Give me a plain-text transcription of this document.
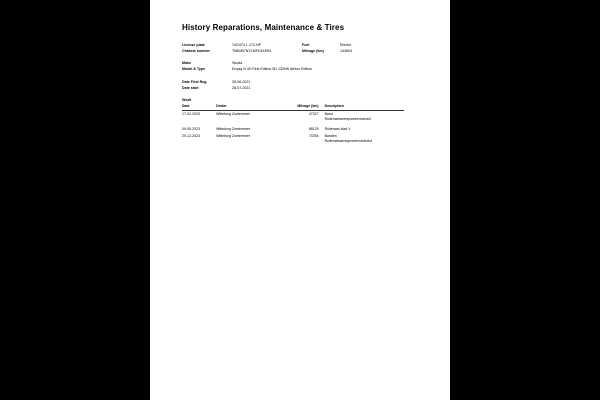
History Reparations, Maintenance & Tires
License plate	74G474 L-172-NP	Fuel	Electro
Chassis number	TMBJB7NY1MFD1KR61	Mileage (km)	143604
Make	Skoda
Model & Type	Enyaq iV 60 First Edition 5D 132kW Athlon Edition
Date First Reg.	28-06-2021
Date start	28-07-2021
Work
Date	Dealer	Mileage (km)	Description
17-02-2023	Witteburg Zoetermeer	47327	Band
Ruitenwisseerspoelervloeistof

09-05-2023	Witteburg Zoetermeer	68125	Ruitenwis.blad V

29-12-2023	Witteburg Zoetermeer	70254	Banden
Ruitenwisserssproeiervloeistof
